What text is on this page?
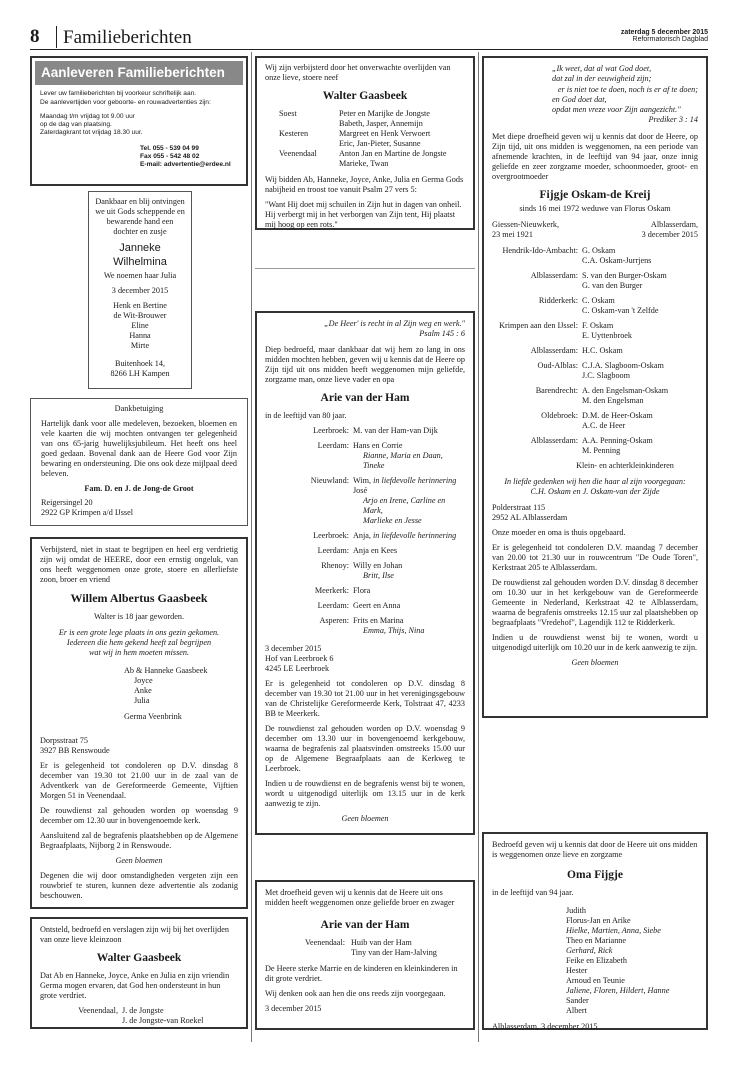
8 Familieberichten	zaterdag 5 december 2015
Reformatorisch Dagblad
Aanleveren Familieberichten
Lever uw familieberichten bij voorkeur schriftelijk aan.
De aanlevertijden voor geboorte- en rouwadvertenties zijn:
Maandag t/m vrijdag tot 9.00 uur
op de dag van plaatsing.
Zaterdagkrant tot vrijdag 18.30 uur.
Tel. 055 - 539 04 99
Fax 055 - 542 48 02
E-mail: advertentie@erdee.nl

Dankbaar en blij ontvingen we uit Gods scheppende en bewarende hand een dochter en zusje

Janneke
Wilhelmina

We noemen haar Julia

3 december 2015

Henk en Bertine
de Wit-Brouwer
Eline
Hanna
Mirte
Buitenhoek 14,
8266 LH Kampen
Dankbetuiging

Hartelijk dank voor alle medeleven, bezoeken, bloemen en vele kaarten die wij mochten ontvangen ter gelegenheid van ons 65-jarig huwelijksjubileum. Het heeft ons heel goed gedaan. Bovenal dank aan de Heere God voor Zijn bewaring en ondersteuning. Die ons ook deze mijlpaal deed beleven.

Fam. D. en J. de Jong-de Groot
Reigersingel 20
2922 GP Krimpen a/d IJssel

Verbijsterd, niet in staat te begrijpen en heel erg verdrietig zijn wij omdat de HEERE, door een ernstig ongeluk, van ons heeft weggenomen onze grote, stoere en allerliefste zoon, broer en vriend

Willem Albertus Gaasbeek

Walter is 18 jaar geworden.

Er is een grote lege plaats in ons gezin gekomen.
Iedereen die hem gekend heeft zal begrijpen
wat wij in hem moeten missen.
Ab & Hanneke Gaasbeek
Joyce
Anke
Julia
Germa Veenbrink
Dorpsstraat 75
3927 BB Renswoude

Er is gelegenheid tot condoleren op D.V. dinsdag 8 december van 19.30 tot 21.00 uur in de zaal van de Adventkerk van de Gereformeerde Gemeente, Vijftien Morgen 51 in Veenendaal.

De rouwdienst zal gehouden worden op woensdag 9 december om 12.30 uur in bovengenoemde kerk.

Aansluitend zal de begrafenis plaatshebben op de Algemene Begraafplaats, Nijborg 2 in Renswoude.

Geen bloemen

Degenen die wij door omstandigheden vergeten zijn een rouwbrief te sturen, kunnen deze advertentie als zodanig beschouwen.

Ontsteld, bedroefd en verslagen zijn wij bij het overlijden van onze lieve kleinzoon

Walter Gaasbeek

Dat Ab en Hanneke, Joyce, Anke en Julia en zijn vriendin Germa mogen ervaren, dat God hen ondersteunt in hun grote verdriet.

Veenendaal, J. de Jongste
J. de Jongste-van Roekel

Wij zijn verbijsterd door het onverwachte overlijden van onze lieve, stoere neef

Walter Gaasbeek
Soest	Peter en Marijke de Jongste
Babeth, Jasper, Annemijn
Kesteren	Margreet en Henk Verwoert
Eric, Jan-Pieter, Susanne
Veenendaal	Anton Jan en Martine de Jongste
Marieke, Twan

Wij bidden Ab, Hanneke, Joyce, Anke, Julia en Germa Gods nabijheid en troost toe vanuit Psalm 27 vers 5:

"Want Hij doet mij schuilen in Zijn hut in dagen van onheil. Hij verbergt mij in het verborgen van Zijn tent, Hij plaatst mij hoog op een rots."

„De Heer' is recht in al Zijn weg en werk."
Psalm 145 : 6

Diep bedroefd, maar dankbaar dat wij hem zo lang in ons midden mochten hebben, geven wij u kennis dat de Heere op Zijn tijd uit ons midden heeft weggenomen mijn geliefde, zorgzame man, onze lieve vader en opa

Arie van der Ham

in de leeftijd van 80 jaar.

Leerbroek: M. van der Ham-van Dijk
Leerdam: Hans en Corrie
Rianne, Maria en Daan, Tineke
Nieuwland: Wim, in liefdevolle herinnering
José
Arjo en Irene, Carline en Mark,
Marlieke en Jesse
Leerbroek: Anja, in liefdevolle herinnering
Leerdam: Anja en Kees
Rhenoy: Willy en Johan
Britt, Ilse
Meerkerk: Flora
Leerdam: Geert en Anna
Asperen: Frits en Marina
Emma, Thijs, Nina
3 december 2015
Hof van Leerbroek 6
4245 LE Leerbroek

Er is gelegenheid tot condoleren op D.V. dinsdag 8 december van 19.30 tot 21.00 uur in het verenigingsgebouw van de Christelijke Gereformeerde Kerk, Tolstraat 47, 4233 BB te Meerkerk.

De rouwdienst zal gehouden worden op D.V. woensdag 9 december om 13.30 uur in bovengenoemd kerkgebouw, waarna de begrafenis zal plaatsvinden omstreeks 15.00 uur op de Algemene Begraafplaats aan de Kerkweg te Leerbroek.

Indien u de rouwdienst en de begrafenis wenst bij te wonen, wordt u uitgenodigd uiterlijk om 13.15 uur in de kerk aanwezig te zijn.

Geen bloemen

Met droefheid geven wij u kennis dat de Heere uit ons midden heeft weggenomen onze geliefde broer en zwager

Arie van der Ham
Veenendaal: Huib van der Ham
Tiny van der Ham-Jalving

De Heere sterke Marrie en de kinderen en kleinkinderen in dit grote verdriet.

Wij denken ook aan hen die ons reeds zijn voorgegaan.

3 december 2015

„Ik weet, dat al wat God doet,
dat zal in der eeuwigheid zijn;
er is niet toe te doen, noch is er af te doen;
en God doet dat,
opdat men vreze voor Zijn aangezicht."
Prediker 3 : 14

Met diepe droefheid geven wij u kennis dat door de Heere, op Zijn tijd, uit ons midden is weggenomen, na een periode van afnemende krachten, in de leeftijd van 94 jaar, onze innig geliefde en zeer zorgzame moeder, schoonmoeder, groot- en overgrootmoeder

Fijgje Oskam-de Kreij
sinds 16 mei 1972 weduwe van Florus Oskam
Giessen-Nieuwkerk,
23 mei 1921
Alblasserdam,
3 december 2015
Hendrik-Ido-Ambacht: G. Oskam
C.A. Oskam-Jurrjens
Alblasserdam: S. van den Burger-Oskam
G. van den Burger
Ridderkerk: C. Oskam
C. Oskam-van 't Zelfde
Krimpen aan den IJssel: F. Oskam
E. Uyttenbroek
Alblasserdam: H.C. Oskam
Oud-Alblas: C.J.A. Slagboom-Oskam
J.C. Slagboom
Barendrecht: A. den Engelsman-Oskam
M. den Engelsman
Oldebroek: D.M. de Heer-Oskam
A.C. de Heer
Alblasserdam: A.A. Penning-Oskam
M. Penning
Klein- en achterkleinkinderen
In liefde gedenken wij hen die haar al zijn voorgegaan:
C.H. Oskam en J. Oskam-van der Zijde
Polderstraat 115
2952 AL Alblasserdam

Onze moeder en oma is thuis opgebaard.

Er is gelegenheid tot condoleren D.V. maandag 7 december van 20.00 tot 21.30 uur in rouwcentrum "De Oude Toren", Kerkstraat 205 te Alblasserdam.

De rouwdienst zal gehouden worden D.V. dinsdag 8 december om 10.30 uur in het kerkgebouw van de Gereformeerde Gemeente in Nederland, Kerkstraat 42 te Alblasserdam, waarna de begrafenis omstreeks 12.15 uur zal plaatshebben op begraafplaats "Vredehof", Lagendijk 112 te Ridderkerk.

Indien u de rouwdienst wenst bij te wonen, wordt u uitgenodigd uiterlijk om 10.20 uur in de kerk aanwezig te zijn.

Geen bloemen

Bedroefd geven wij u kennis dat door de Heere uit ons midden is weggenomen onze lieve en zorgzame

Oma Fijgje

in de leeftijd van 94 jaar.

Judith
Florus-Jan en Arike
Hielke, Martien, Anna, Siebe
Theo en Marianne
Gerhard, Rick
Feike en Elizabeth
Hester
Arnoud en Teunie
Jaliene, Floren, Hildert, Hanne
Sander
Albert
Alblasserdam, 3 december 2015
